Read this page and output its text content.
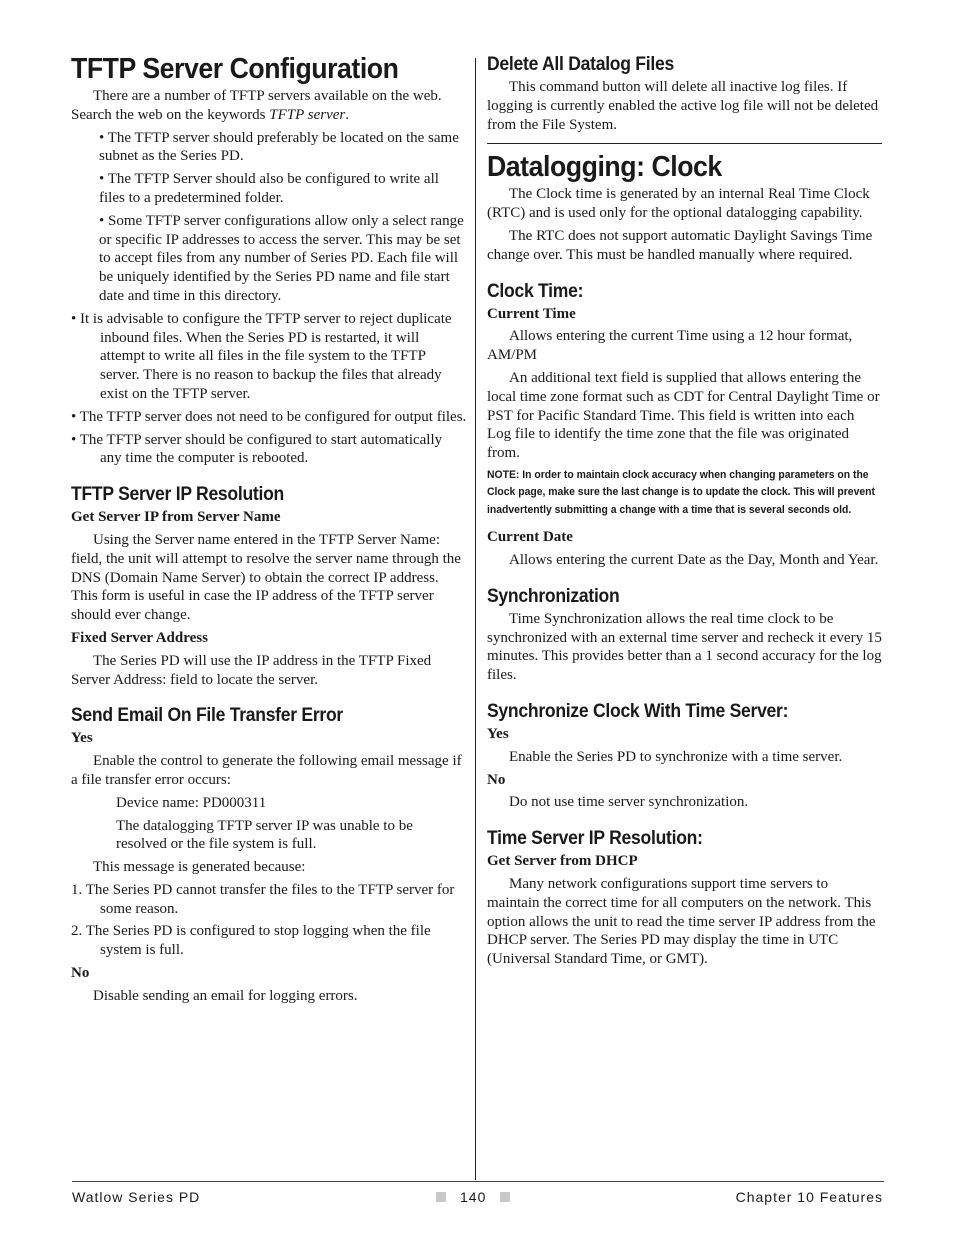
TFTP Server Configuration

There are a number of TFTP servers available on the web. Search the web on the keywords TFTP server.

• The TFTP server should preferably be located on the same subnet as the Series PD.

• The TFTP Server should also be configured to write all files to a predetermined folder.

• Some TFTP server configurations allow only a select range or specific IP addresses to access the server. This may be set to accept files from any number of Series PD. Each file will be uniquely identified by the Series PD name and file start date and time in this directory.

• It is advisable to configure the TFTP server to reject duplicate inbound files. When the Series PD is restarted, it will attempt to write all files in the file system to the TFTP server. There is no reason to backup the files that already exist on the TFTP server.

• The TFTP server does not need to be configured for output files.

• The TFTP server should be configured to start automatically any time the computer is rebooted.

TFTP Server IP Resolution

Get Server IP from Server Name

Using the Server name entered in the TFTP Server Name: field, the unit will attempt to resolve the server name through the DNS (Domain Name Server) to obtain the correct IP address. This form is useful in case the IP address of the TFTP server should ever change.

Fixed Server Address

The Series PD will use the IP address in the TFTP Fixed Server Address: field to locate the server.

Send Email On File Transfer Error

Yes

Enable the control to generate the following email message if a file transfer error occurs:

Device name: PD000311

The datalogging TFTP server IP was unable to be resolved or the file system is full.

This message is generated because:

1. The Series PD cannot transfer the files to the TFTP server for some reason.

2. The Series PD is configured to stop logging when the file system is full.

No

Disable sending an email for logging errors.

Delete All Datalog Files

This command button will delete all inactive log files. If logging is currently enabled the active log file will not be deleted from the File System.

Datalogging: Clock

The Clock time is generated by an internal Real Time Clock (RTC) and is used only for the optional datalogging capability.

The RTC does not support automatic Daylight Savings Time change over. This must be handled manually where required.

Clock Time:

Current Time

Allows entering the current Time using a 12 hour format, AM/PM

An additional text field is supplied that allows entering the local time zone format such as CDT for Central Daylight Time or PST for Pacific Standard Time. This field is written into each Log file to identify the time zone that the file was originated from.

NOTE: In order to maintain clock accuracy when changing parameters on the Clock page, make sure the last change is to update the clock. This will prevent inadvertently submitting a change with a time that is several seconds old.

Current Date

Allows entering the current Date as the Day, Month and Year.

Synchronization

Time Synchronization allows the real time clock to be synchronized with an external time server and recheck it every 15 minutes. This provides better than a 1 second accuracy for the log files.

Synchronize Clock With Time Server:

Yes

Enable the Series PD to synchronize with a time server.

No

Do not use time server synchronization.

Time Server IP Resolution:

Get Server from DHCP

Many network configurations support time servers to maintain the correct time for all computers on the network. This option allows the unit to read the time server IP address from the DHCP server. The Series PD may display the time in UTC (Universal Standard Time, or GMT).

Watlow Series PD	140	Chapter 10 Features
